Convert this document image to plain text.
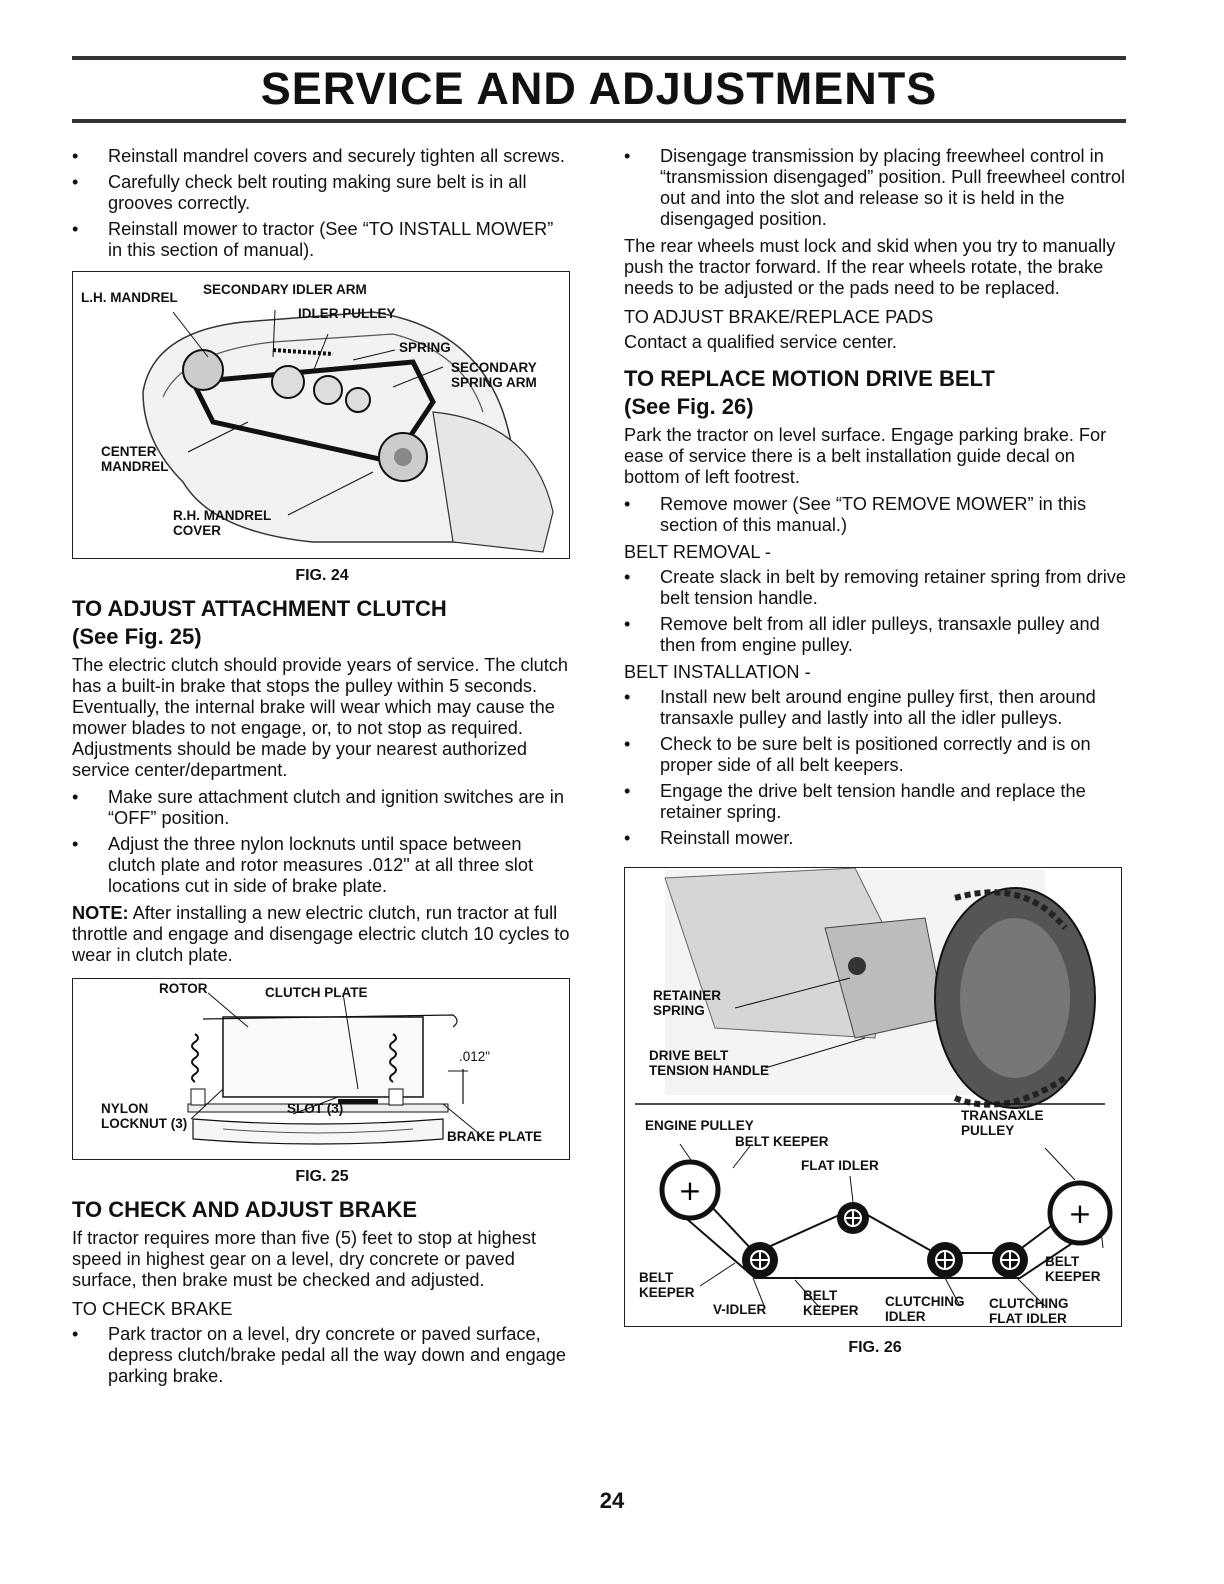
SERVICE AND ADJUSTMENTS
• Reinstall mandrel covers and securely tighten all screws.
• Carefully check belt routing making sure belt is in all grooves correctly.
• Reinstall mower to tractor (See “TO INSTALL MOWER” in this section of manual).
L.H. MANDREL
SECONDARY IDLER ARM
IDLER PULLEY
SPRING
SECONDARY
SPRING ARM
CENTER
MANDREL
R.H. MANDREL
COVER
FIG. 24
TO ADJUST ATTACHMENT CLUTCH
(See Fig. 25)

The electric clutch should provide years of service. The clutch has a built-in brake that stops the pulley within 5 seconds. Eventually, the internal brake will wear which may cause the mower blades to not engage, or, to not stop as required. Adjustments should be made by your nearest authorized service center/department.

• Make sure attachment clutch and ignition switches are in “OFF” position.
• Adjust the three nylon locknuts until space between clutch plate and rotor measures .012" at all three slot locations cut in side of brake plate.

NOTE: After installing a new electric clutch, run tractor at full throttle and engage and disengage electric clutch 10 cycles to wear in clutch plate.

ROTOR	CLUTCH PLATE
.012"
NYLON
LOCKNUT (3)
SLOT (3)
BRAKE PLATE
FIG. 25
TO CHECK AND ADJUST BRAKE

If tractor requires more than five (5) feet to stop at highest speed in highest gear on a level, dry concrete or paved surface, then brake must be checked and adjusted.

TO CHECK BRAKE
• Park tractor on a level, dry concrete or paved surface, depress clutch/brake pedal all the way down and engage parking brake.
• Disengage transmission by placing freewheel control in “transmission disengaged” position. Pull freewheel control out and into the slot and release so it is held in the disengaged position.

The rear wheels must lock and skid when you try to manually push the tractor forward. If the rear wheels rotate, the brake needs to be adjusted or the pads need to be replaced.

TO ADJUST BRAKE/REPLACE PADS

Contact a qualified service center.

TO REPLACE MOTION DRIVE BELT
(See Fig. 26)

Park the tractor on level surface. Engage parking brake. For ease of service there is a belt installation guide decal on bottom of left footrest.

• Remove mower (See “TO REMOVE MOWER” in this section of this manual.)
BELT REMOVAL -
• Create slack in belt by removing retainer spring from drive belt tension handle.
• Remove belt from all idler pulleys, transaxle pulley and then from engine pulley.
BELT INSTALLATION -
• Install new belt around engine pulley first, then around transaxle pulley and lastly into all the idler pulleys.
• Check to be sure belt is positioned correctly and is on proper side of all belt keepers.
• Engage the drive belt tension handle and replace the retainer spring.
• Reinstall mower.
+
+
RETAINER
SPRING
DRIVE BELT
TENSION HANDLE
ENGINE PULLEY
BELT KEEPER
FLAT IDLER
TRANSAXLE
PULLEY
BELT
KEEPER
V-IDLER
BELT
KEEPER
CLUTCHING
IDLER
CLUTCHING
FLAT IDLER
BELT
KEEPER
FIG. 26
24
